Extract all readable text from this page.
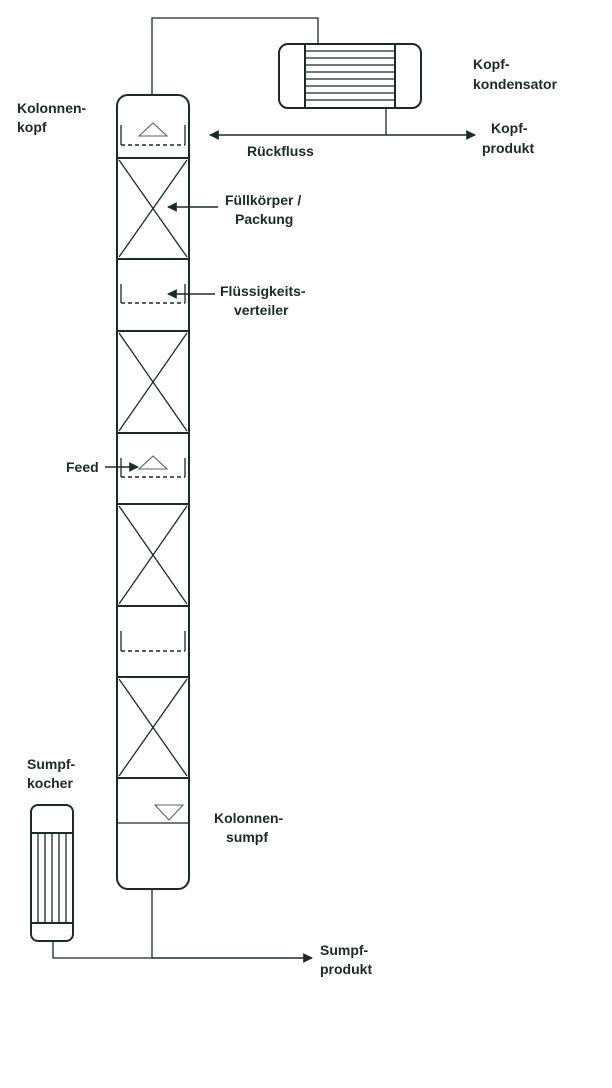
Kolonnen-
kopf
Kopf-
kondensator
Rückfluss
Kopf-
produkt
Füllkörper /
Packung
Flüssigkeits-
verteiler
Feed
Sumpf-
kocher
Kolonnen-
sumpf
Sumpf-
produkt
